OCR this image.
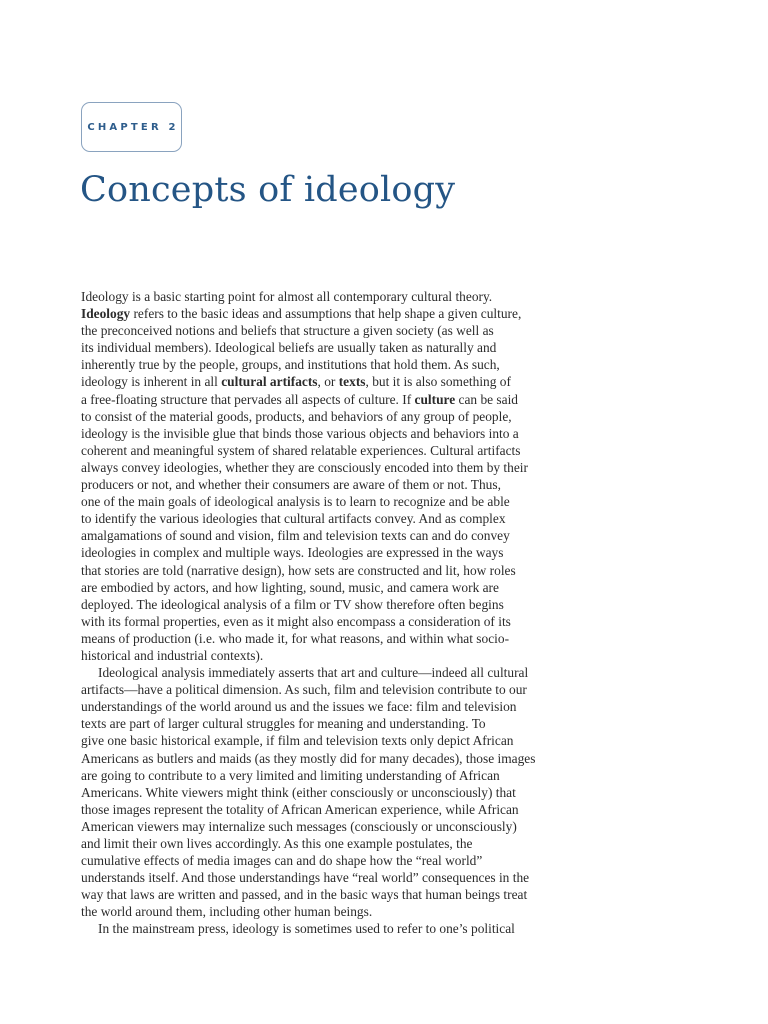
CHAPTER 2
Concepts of ideology
Ideology is a basic starting point for almost all contemporary cultural theory.
Ideology refers to the basic ideas and assumptions that help shape a given culture,
the preconceived notions and beliefs that structure a given society (as well as
its individual members). Ideological beliefs are usually taken as naturally and
inherently true by the people, groups, and institutions that hold them. As such,
ideology is inherent in all cultural artifacts, or texts, but it is also something of
a free-floating structure that pervades all aspects of culture. If culture can be said
to consist of the material goods, products, and behaviors of any group of people,
ideology is the invisible glue that binds those various objects and behaviors into a
coherent and meaningful system of shared relatable experiences. Cultural artifacts
always convey ideologies, whether they are consciously encoded into them by their
producers or not, and whether their consumers are aware of them or not. Thus,
one of the main goals of ideological analysis is to learn to recognize and be able
to identify the various ideologies that cultural artifacts convey. And as complex
amalgamations of sound and vision, film and television texts can and do convey
ideologies in complex and multiple ways. Ideologies are expressed in the ways
that stories are told (narrative design), how sets are constructed and lit, how roles
are embodied by actors, and how lighting, sound, music, and camera work are
deployed. The ideological analysis of a film or TV show therefore often begins
with its formal properties, even as it might also encompass a consideration of its
means of production (i.e. who made it, for what reasons, and within what socio-
historical and industrial contexts).
Ideological analysis immediately asserts that art and culture—indeed all cultural
artifacts—have a political dimension. As such, film and television contribute to our
understandings of the world around us and the issues we face: film and television
texts are part of larger cultural struggles for meaning and understanding. To
give one basic historical example, if film and television texts only depict African
Americans as butlers and maids (as they mostly did for many decades), those images
are going to contribute to a very limited and limiting understanding of African
Americans. White viewers might think (either consciously or unconsciously) that
those images represent the totality of African American experience, while African
American viewers may internalize such messages (consciously or unconsciously)
and limit their own lives accordingly. As this one example postulates, the
cumulative effects of media images can and do shape how the “real world”
understands itself. And those understandings have “real world” consequences in the
way that laws are written and passed, and in the basic ways that human beings treat
the world around them, including other human beings.
In the mainstream press, ideology is sometimes used to refer to one’s political
